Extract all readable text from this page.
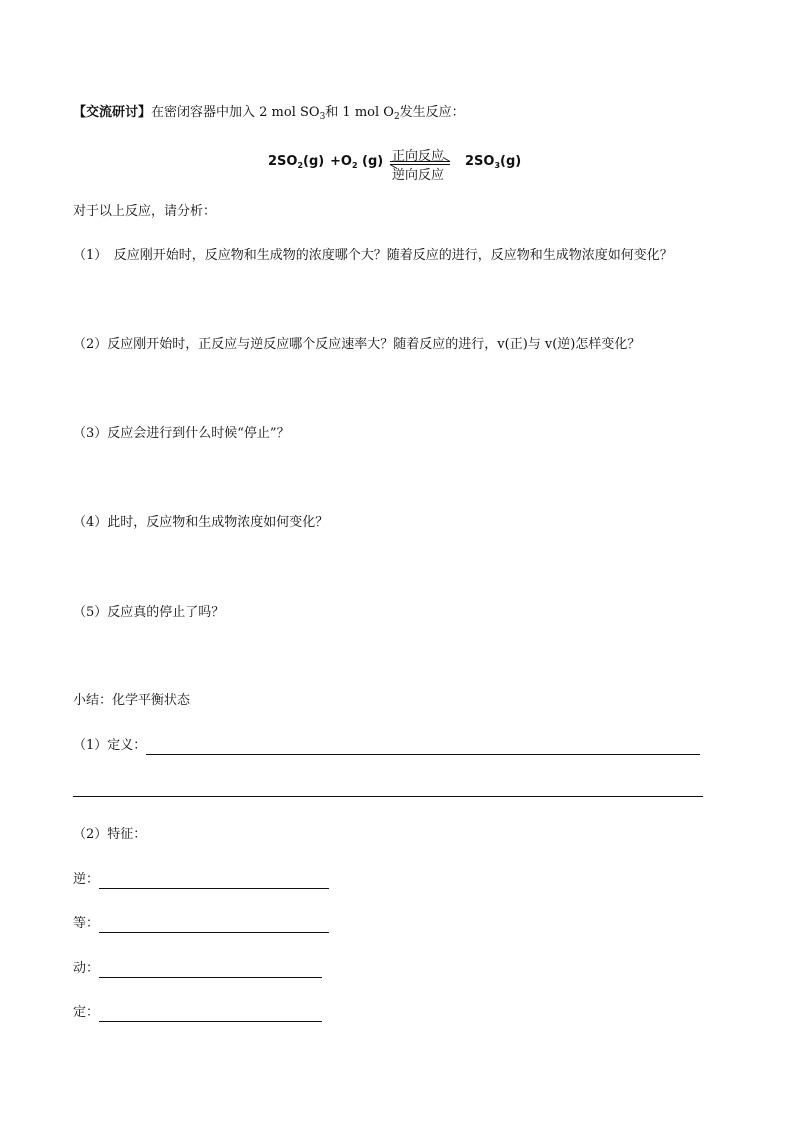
【交流研讨】在密闭容器中加入 2 mol $SO_3$和 1 mol $O_2$发生反应：
$2SO_2(g) +O_2$ (g) 正向反应
逆向反应
$2SO_3(g)$
对于以上反应，请分析：
（1）　反应刚开始时，反应物和生成物的浓度哪个大？随着反应的进行，反应物和生成物浓度如何变化？
（2）反应刚开始时，正反应与逆反应哪个反应速率大？随着反应的进行，v(正)与 v(逆)怎样变化？
（3）反应会进行到什么时候“停止”？
（4）此时，反应物和生成物浓度如何变化？
（5）反应真的停止了吗？
小结：化学平衡状态
（1）定义：
（2）特征：
逆：
等：
动：
定：
